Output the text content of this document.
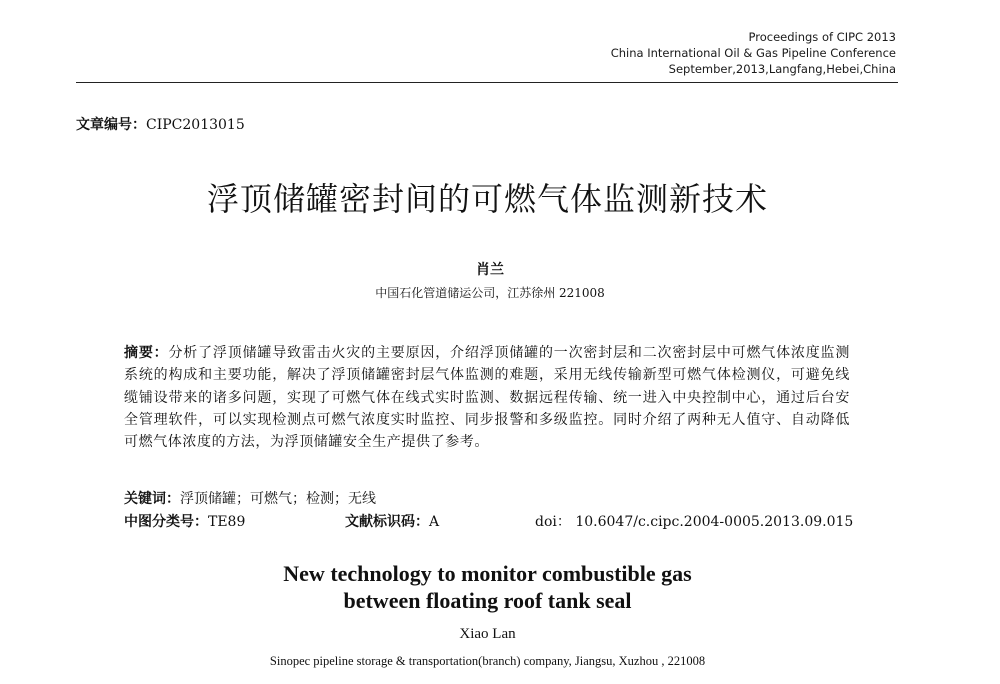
Proceedings of CIPC 2013
China International Oil & Gas Pipeline Conference
September,2013,Langfang,Hebei,China
文章编号：CIPC2013015
浮顶储罐密封间的可燃气体监测新技术
肖兰
中国石化管道储运公司，江苏徐州 221008
摘要：分析了浮顶储罐导致雷击火灾的主要原因，介绍浮顶储罐的一次密封层和二次密封层中可燃气体浓度监测系统的构成和主要功能，解决了浮顶储罐密封层气体监测的难题，采用无线传输新型可燃气体检测仪，可避免线缆铺设带来的诸多问题，实现了可燃气体在线式实时监测、数据远程传输、统一进入中央控制中心，通过后台安全管理软件，可以实现检测点可燃气浓度实时监控、同步报警和多级监控。同时介绍了两种无人值守、自动降低可燃气体浓度的方法，为浮顶储罐安全生产提供了参考。
关键词：浮顶储罐；可燃气；检测；无线
中图分类号：TE89	文献标识码：A	doi： 10.6047/c.cipc.2004-0005.2013.09.015
New technology to monitor combustible gas
between floating roof tank seal
Xiao Lan
Sinopec pipeline storage & transportation(branch) company, Jiangsu, Xuzhou , 221008
